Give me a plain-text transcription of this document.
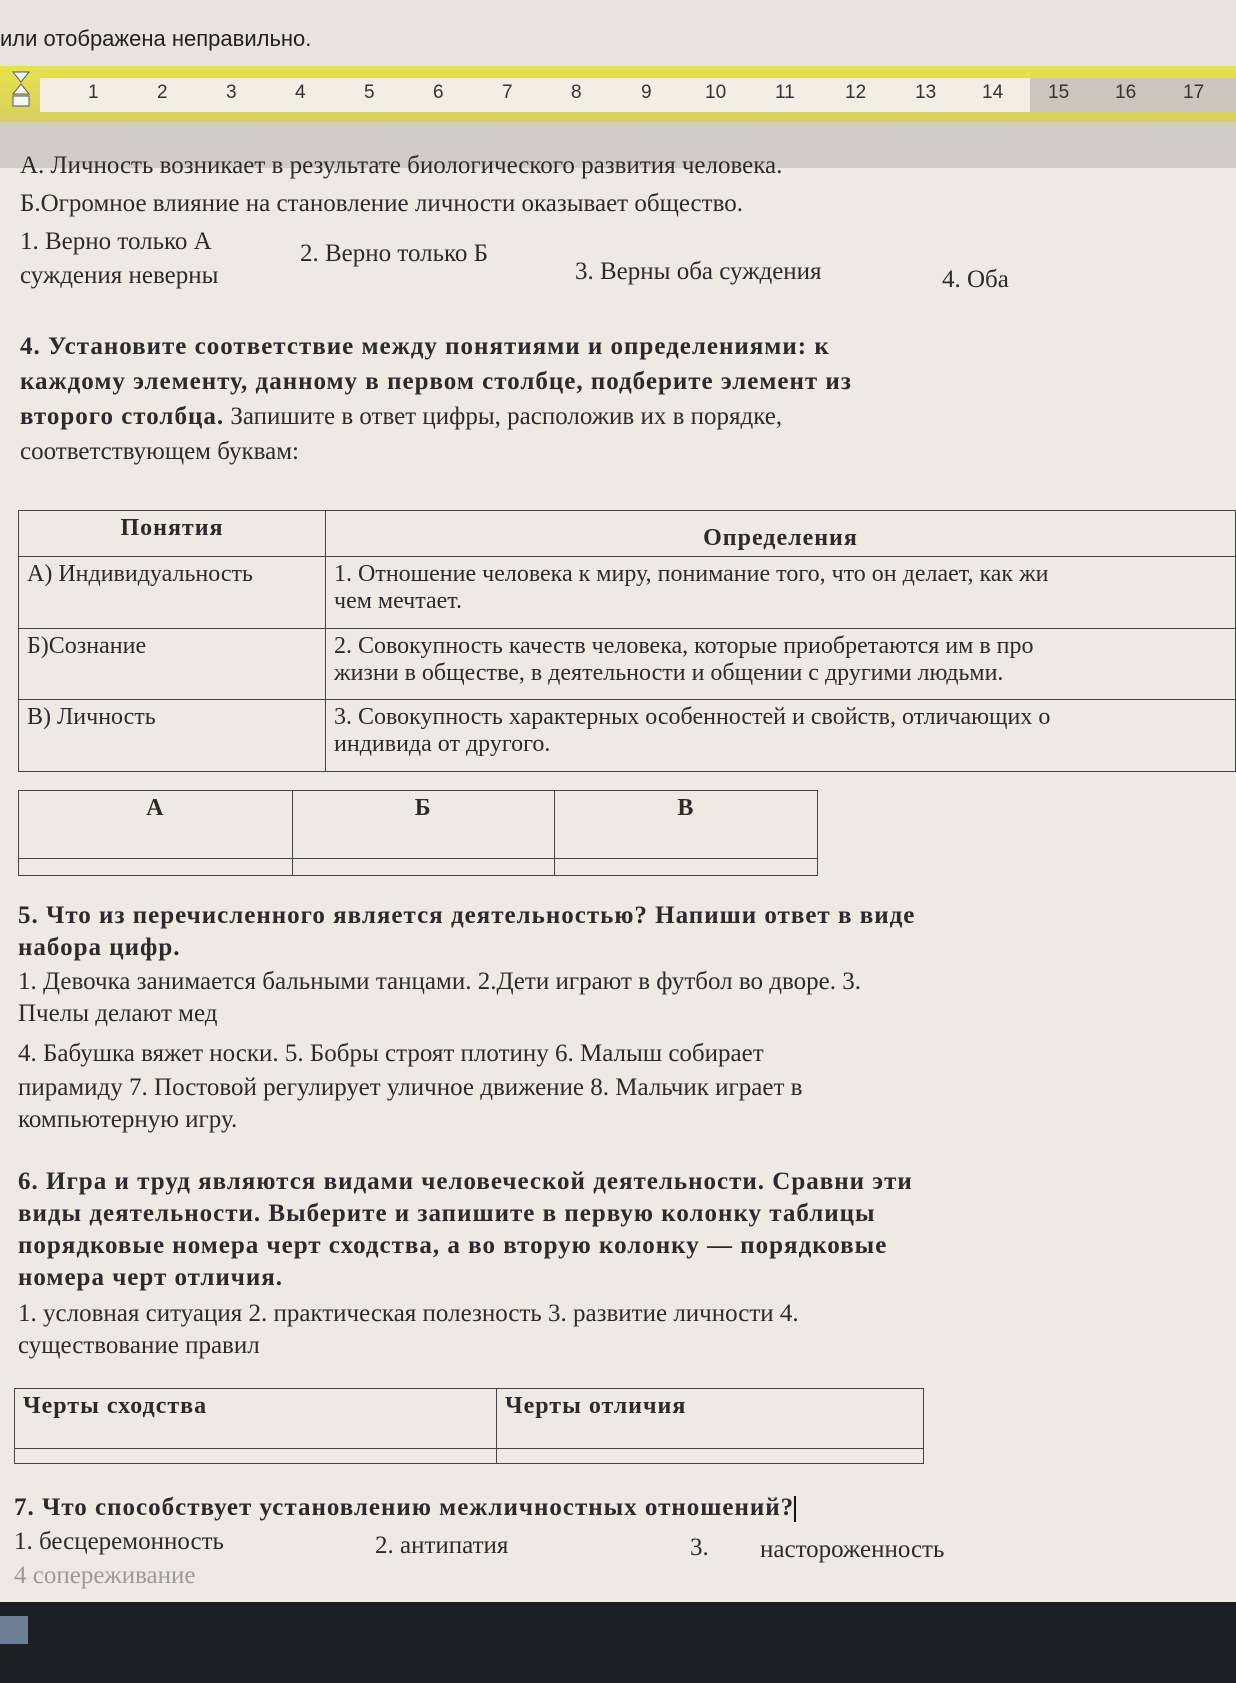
или отображена неправильно.
1	2	3	4	5	6	7	8	9	10	11	12	13 14 15 16 17
А. Личность возникает в результате биологического развития человека.
Б.Огромное влияние на становление личности оказывает общество.
1. Верно только А	2. Верно только Б
3. Верны оба суждения	4. Оба
суждения неверны
4. Установите соответствие между понятиями и определениями: к
каждому элементу, данному в первом столбце, подберите элемент из
второго столбца. Запишите в ответ цифры, расположив их в порядке,
соответствующем буквам:
Понятия	Определения
А) Индивидуальность	1. Отношение человека к миру, понимание того, что он делает, как жи
чем мечтает.

Б)Сознание	2. Совокупность качеств человека, которые приобретаются им в про
жизни в обществе, в деятельности и общении с другими людьми.

В) Личность	3. Совокупность характерных особенностей и свойств, отличающих о
индивида от другого.
А	Б	В

5. Что из перечисленного является деятельностью? Напиши ответ в виде
набора цифр.
1. Девочка занимается бальными танцами. 2.Дети играют в футбол во дворе. 3.
Пчелы делают мед
4. Бабушка вяжет носки. 5. Бобры строят плотину 6. Малыш собирает
пирамиду 7. Постовой регулирует уличное движение 8. Мальчик играет в
компьютерную игру.
6. Игра и труд являются видами человеческой деятельности. Сравни эти
виды деятельности. Выберите и запишите в первую колонку таблицы
порядковые номера черт сходства, а во вторую колонку — порядковые
номера черт отличия.
1. условная ситуация 2. практическая полезность 3. развитие личности 4.
существование правил
Черты сходства	Черты отличия

7. Что способствует установлению межличностных отношений?
1. бесцеремонность	2. антипатия	3. настороженность
